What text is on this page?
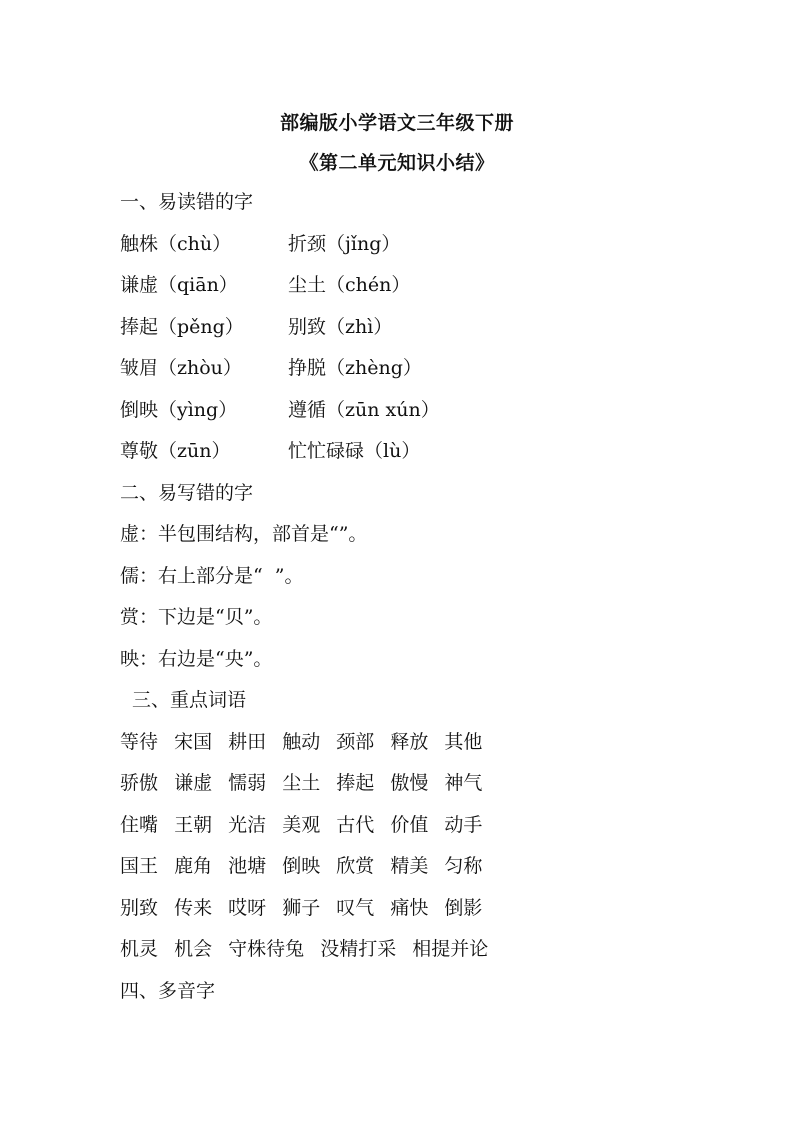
部编版小学语文三年级下册
《第二单元知识小结》
一、易读错的字
触株（chù）	折颈（jǐng）
谦虚（qiān）	尘土（chén）
捧起（pěng）	别致（zhì）
皱眉（zhòu）	挣脱（zhèng）
倒映（yìng）	遵循（zūn xún）
尊敬（zūn）	忙忙碌碌（lù）
二、易写错的字
虚：半包围结构，部首是“”。
儒：右上部分是“  ”。
赏：下边是“贝”。
映：右边是“央”。
三、重点词语
等待 宋国 耕田 触动 颈部 释放 其他
骄傲 谦虚 懦弱 尘土 捧起 傲慢 神气
住嘴 王朝 光洁 美观 古代 价值 动手
国王 鹿角 池塘 倒映 欣赏 精美 匀称
别致 传来 哎呀 狮子 叹气 痛快 倒影
机灵 机会 守株待兔 没精打采 相提并论
四、多音字
